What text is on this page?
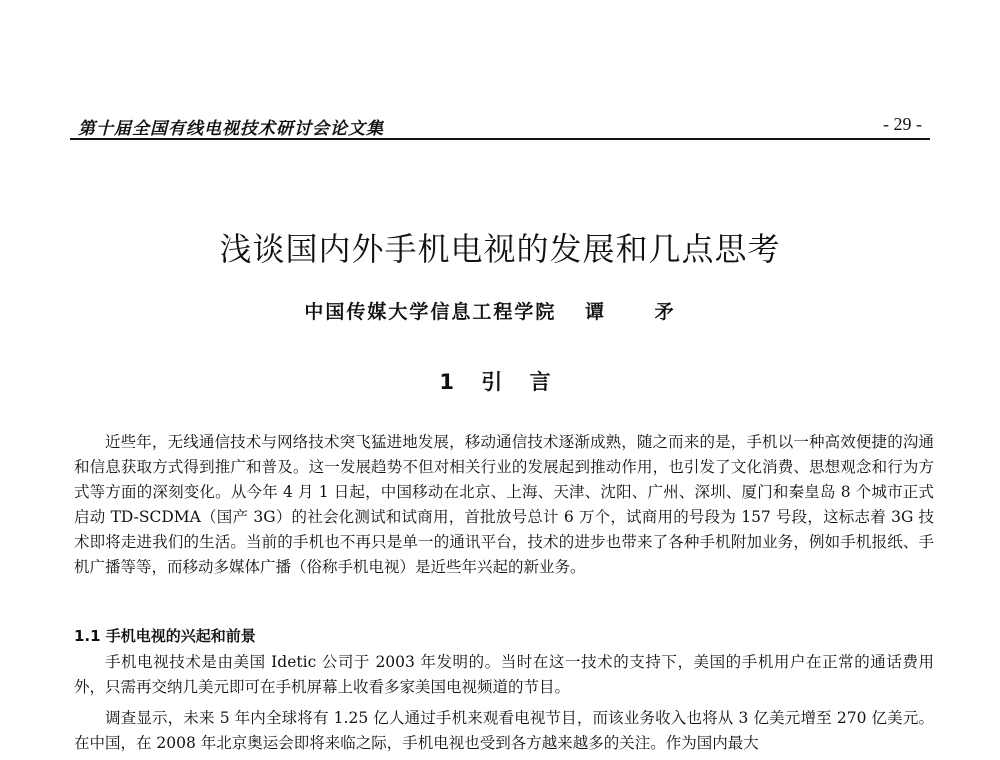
第十届全国有线电视技术研讨会论文集	- 29 -
浅谈国内外手机电视的发展和几点思考
中国传媒大学信息工程学院 谭 矛
1 引 言

近些年，无线通信技术与网络技术突飞猛进地发展，移动通信技术逐渐成熟，随之而来的是，手机以一种高效便捷的沟通和信息获取方式得到推广和普及。这一发展趋势不但对相关行业的发展起到推动作用，也引发了文化消费、思想观念和行为方式等方面的深刻变化。从今年 4 月 1 日起，中国移动在北京、上海、天津、沈阳、广州、深圳、厦门和秦皇岛 8 个城市正式启动 TD-SCDMA（国产 3G）的社会化测试和试商用，首批放号总计 6 万个，试商用的号段为 157 号段，这标志着 3G 技术即将走进我们的生活。当前的手机也不再只是单一的通讯平台，技术的进步也带来了各种手机附加业务，例如手机报纸、手机广播等等，而移动多媒体广播（俗称手机电视）是近些年兴起的新业务。

1.1 手机电视的兴起和前景

手机电视技术是由美国 Idetic 公司于 2003 年发明的。当时在这一技术的支持下，美国的手机用户在正常的通话费用外，只需再交纳几美元即可在手机屏幕上收看多家美国电视频道的节目。

调查显示，未来 5 年内全球将有 1.25 亿人通过手机来观看电视节目，而该业务收入也将从 3 亿美元增至 270 亿美元。在中国，在 2008 年北京奥运会即将来临之际，手机电视也受到各方越来越多的关注。作为国内最大
